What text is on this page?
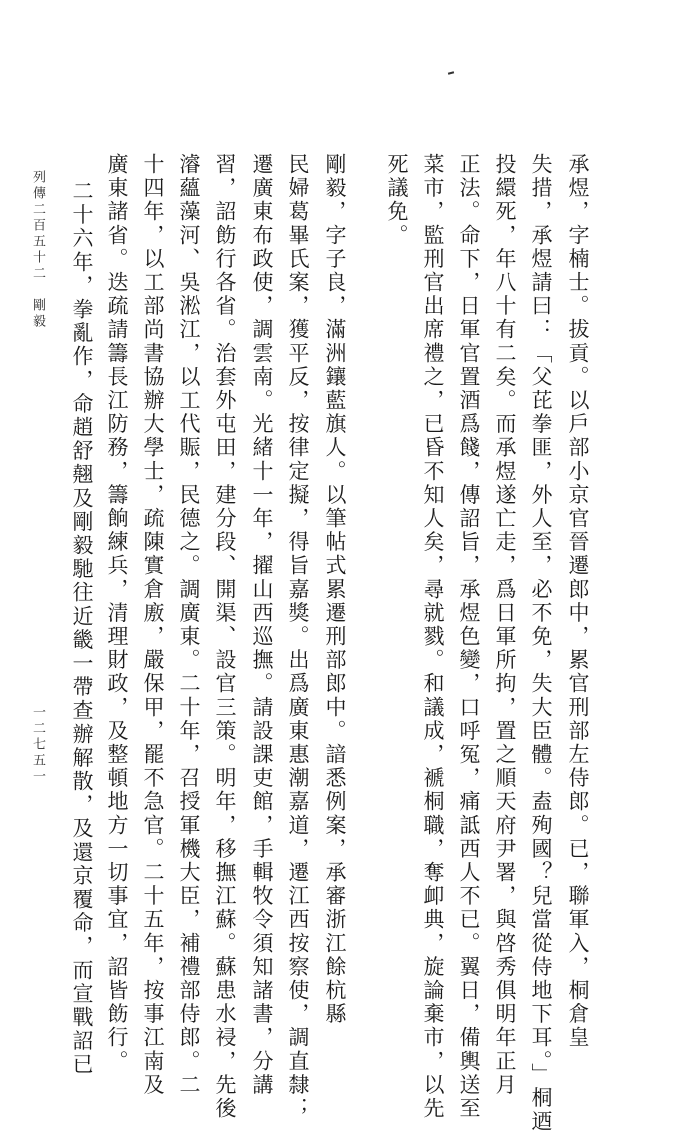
承煜，字楠士。拔貢。以戶部小京官晉遷郎中，累官刑部左侍郎。已，聯軍入，桐倉皇
失措，承煜請曰：「父芘拳匪，外人至，必不免，失大臣體。盍殉國？兒當從侍地下耳。」桐迺
投繯死，年八十有二矣。而承煜遂亡走，爲日軍所拘，置之順天府尹署，與啓秀俱明年正月
正法。命下，日軍官置酒爲餞，傳詔旨，承煜色變，口呼冤，痛詆西人不已。翼日，備輿送至
菜市，監刑官出席禮之，已昏不知人矣，尋就戮。和議成，褫桐職，奪卹典，旋論棄市，以先
死議免。
剛毅，字子良，滿洲鑲藍旗人。以筆帖式累遷刑部郎中。諳悉例案，承審浙江餘杭縣
民婦葛畢氏案，獲平反，按律定擬，得旨嘉獎。出爲廣東惠潮嘉道，遷江西按察使，調直隸；
遷廣東布政使，調雲南。光緒十一年，擢山西巡撫。請設課吏館，手輯牧令須知諸書，分講
習，詔飭行各省。治套外屯田，建分段、開渠、設官三策。明年，移撫江蘇。蘇患水祲，先後
濬蘊藻河、吳淞江，以工代賑，民德之。調廣東。二十年，召授軍機大臣，補禮部侍郎。二
十四年，以工部尚書協辦大學士，疏陳實倉廒，嚴保甲，罷不急官。二十五年，按事江南及
廣東諸省。迭疏請籌長江防務，籌餉練兵，清理財政，及整頓地方一切事宜，詔皆飭行。
二十六年，拳亂作，命趙舒翹及剛毅馳往近畿一帶查辦解散，及還京覆命，而宣戰詔已
列傳二百五十二　剛毅
一二七五一
